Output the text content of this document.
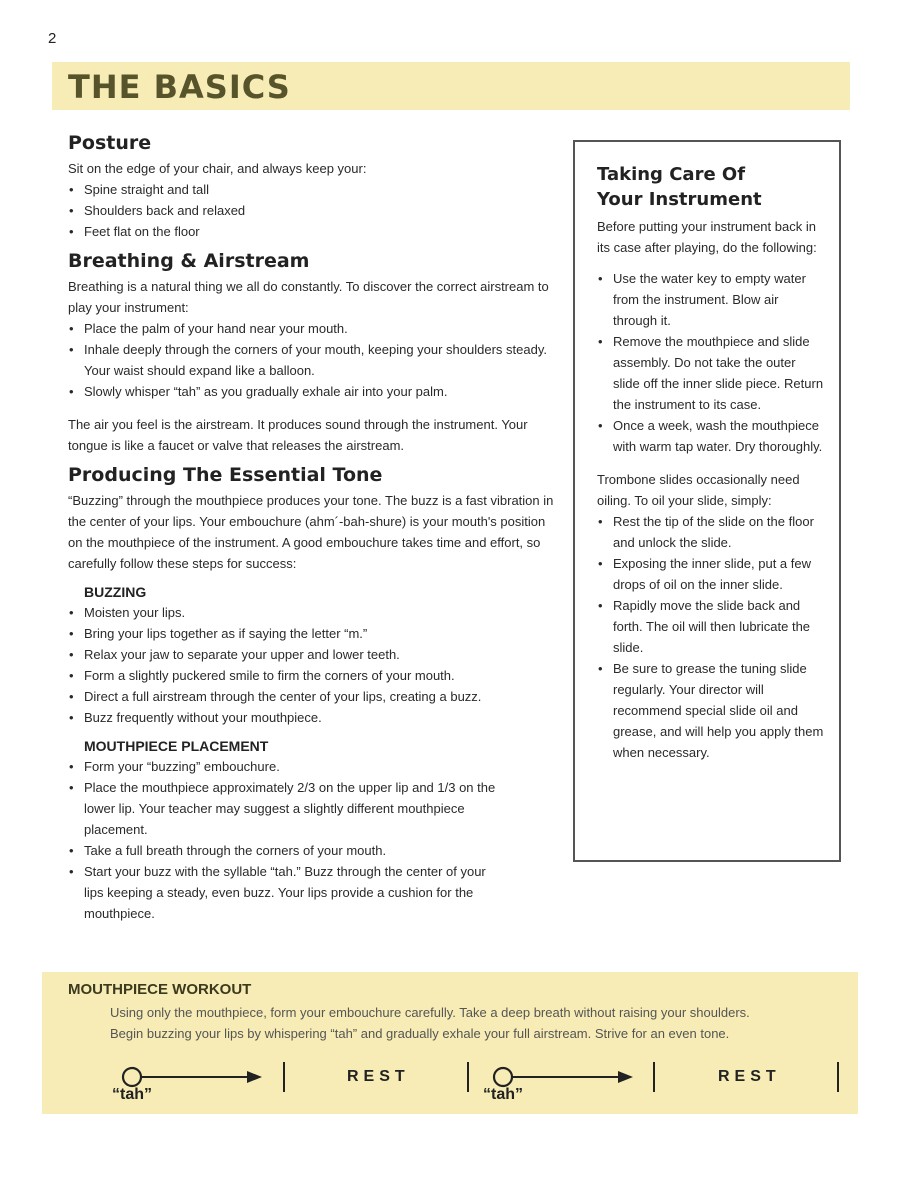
2
THE BASICS
Posture

Sit on the edge of your chair, and always keep your:

• Spine straight and tall
• Shoulders back and relaxed
• Feet flat on the floor
Breathing & Airstream

Breathing is a natural thing we all do constantly. To discover the correct airstream to play your instrument:

• Place the palm of your hand near your mouth.
• Inhale deeply through the corners of your mouth, keeping your shoulders steady. Your waist should expand like a balloon.
• Slowly whisper “tah” as you gradually exhale air into your palm.

The air you feel is the airstream. It produces sound through the instrument. Your tongue is like a faucet or valve that releases the airstream.

Producing The Essential Tone

“Buzzing” through the mouthpiece produces your tone. The buzz is a fast vibration in the center of your lips. Your embouchure (ahm´-bah-shure) is your mouth's position on the mouthpiece of the instrument. A good embouchure takes time and effort, so carefully follow these steps for success:

BUZZING
• Moisten your lips.
• Bring your lips together as if saying the letter “m.”
• Relax your jaw to separate your upper and lower teeth.
• Form a slightly puckered smile to firm the corners of your mouth.
• Direct a full airstream through the center of your lips, creating a buzz.
• Buzz frequently without your mouthpiece.
MOUTHPIECE PLACEMENT
• Form your “buzzing” embouchure.
• Place the mouthpiece approximately 2/3 on the upper lip and 1/3 on the lower lip. Your teacher may suggest a slightly different mouthpiece placement.
• Take a full breath through the corners of your mouth.
• Start your buzz with the syllable “tah.” Buzz through the center of your lips keeping a steady, even buzz. Your lips provide a cushion for the mouthpiece.
Taking Care Of
Your Instrument

Before putting your instrument back in its case after playing, do the following:

• Use the water key to empty water from the instrument. Blow air through it.
• Remove the mouthpiece and slide assembly. Do not take the outer slide off the inner slide piece. Return the instrument to its case.
• Once a week, wash the mouthpiece with warm tap water. Dry thoroughly.

Trombone slides occasionally need oiling. To oil your slide, simply:

• Rest the tip of the slide on the floor and unlock the slide.
• Exposing the inner slide, put a few drops of oil on the inner slide.
• Rapidly move the slide back and forth. The oil will then lubricate the slide.
• Be sure to grease the tuning slide regularly. Your director will recommend special slide oil and grease, and will help you apply them when necessary.
MOUTHPIECE WORKOUT
Using only the mouthpiece, form your embouchure carefully. Take a deep breath without raising your shoulders.
Begin buzzing your lips by whispering “tah” and gradually exhale your full airstream. Strive for an even tone.
“tah”
REST
“tah”
REST
